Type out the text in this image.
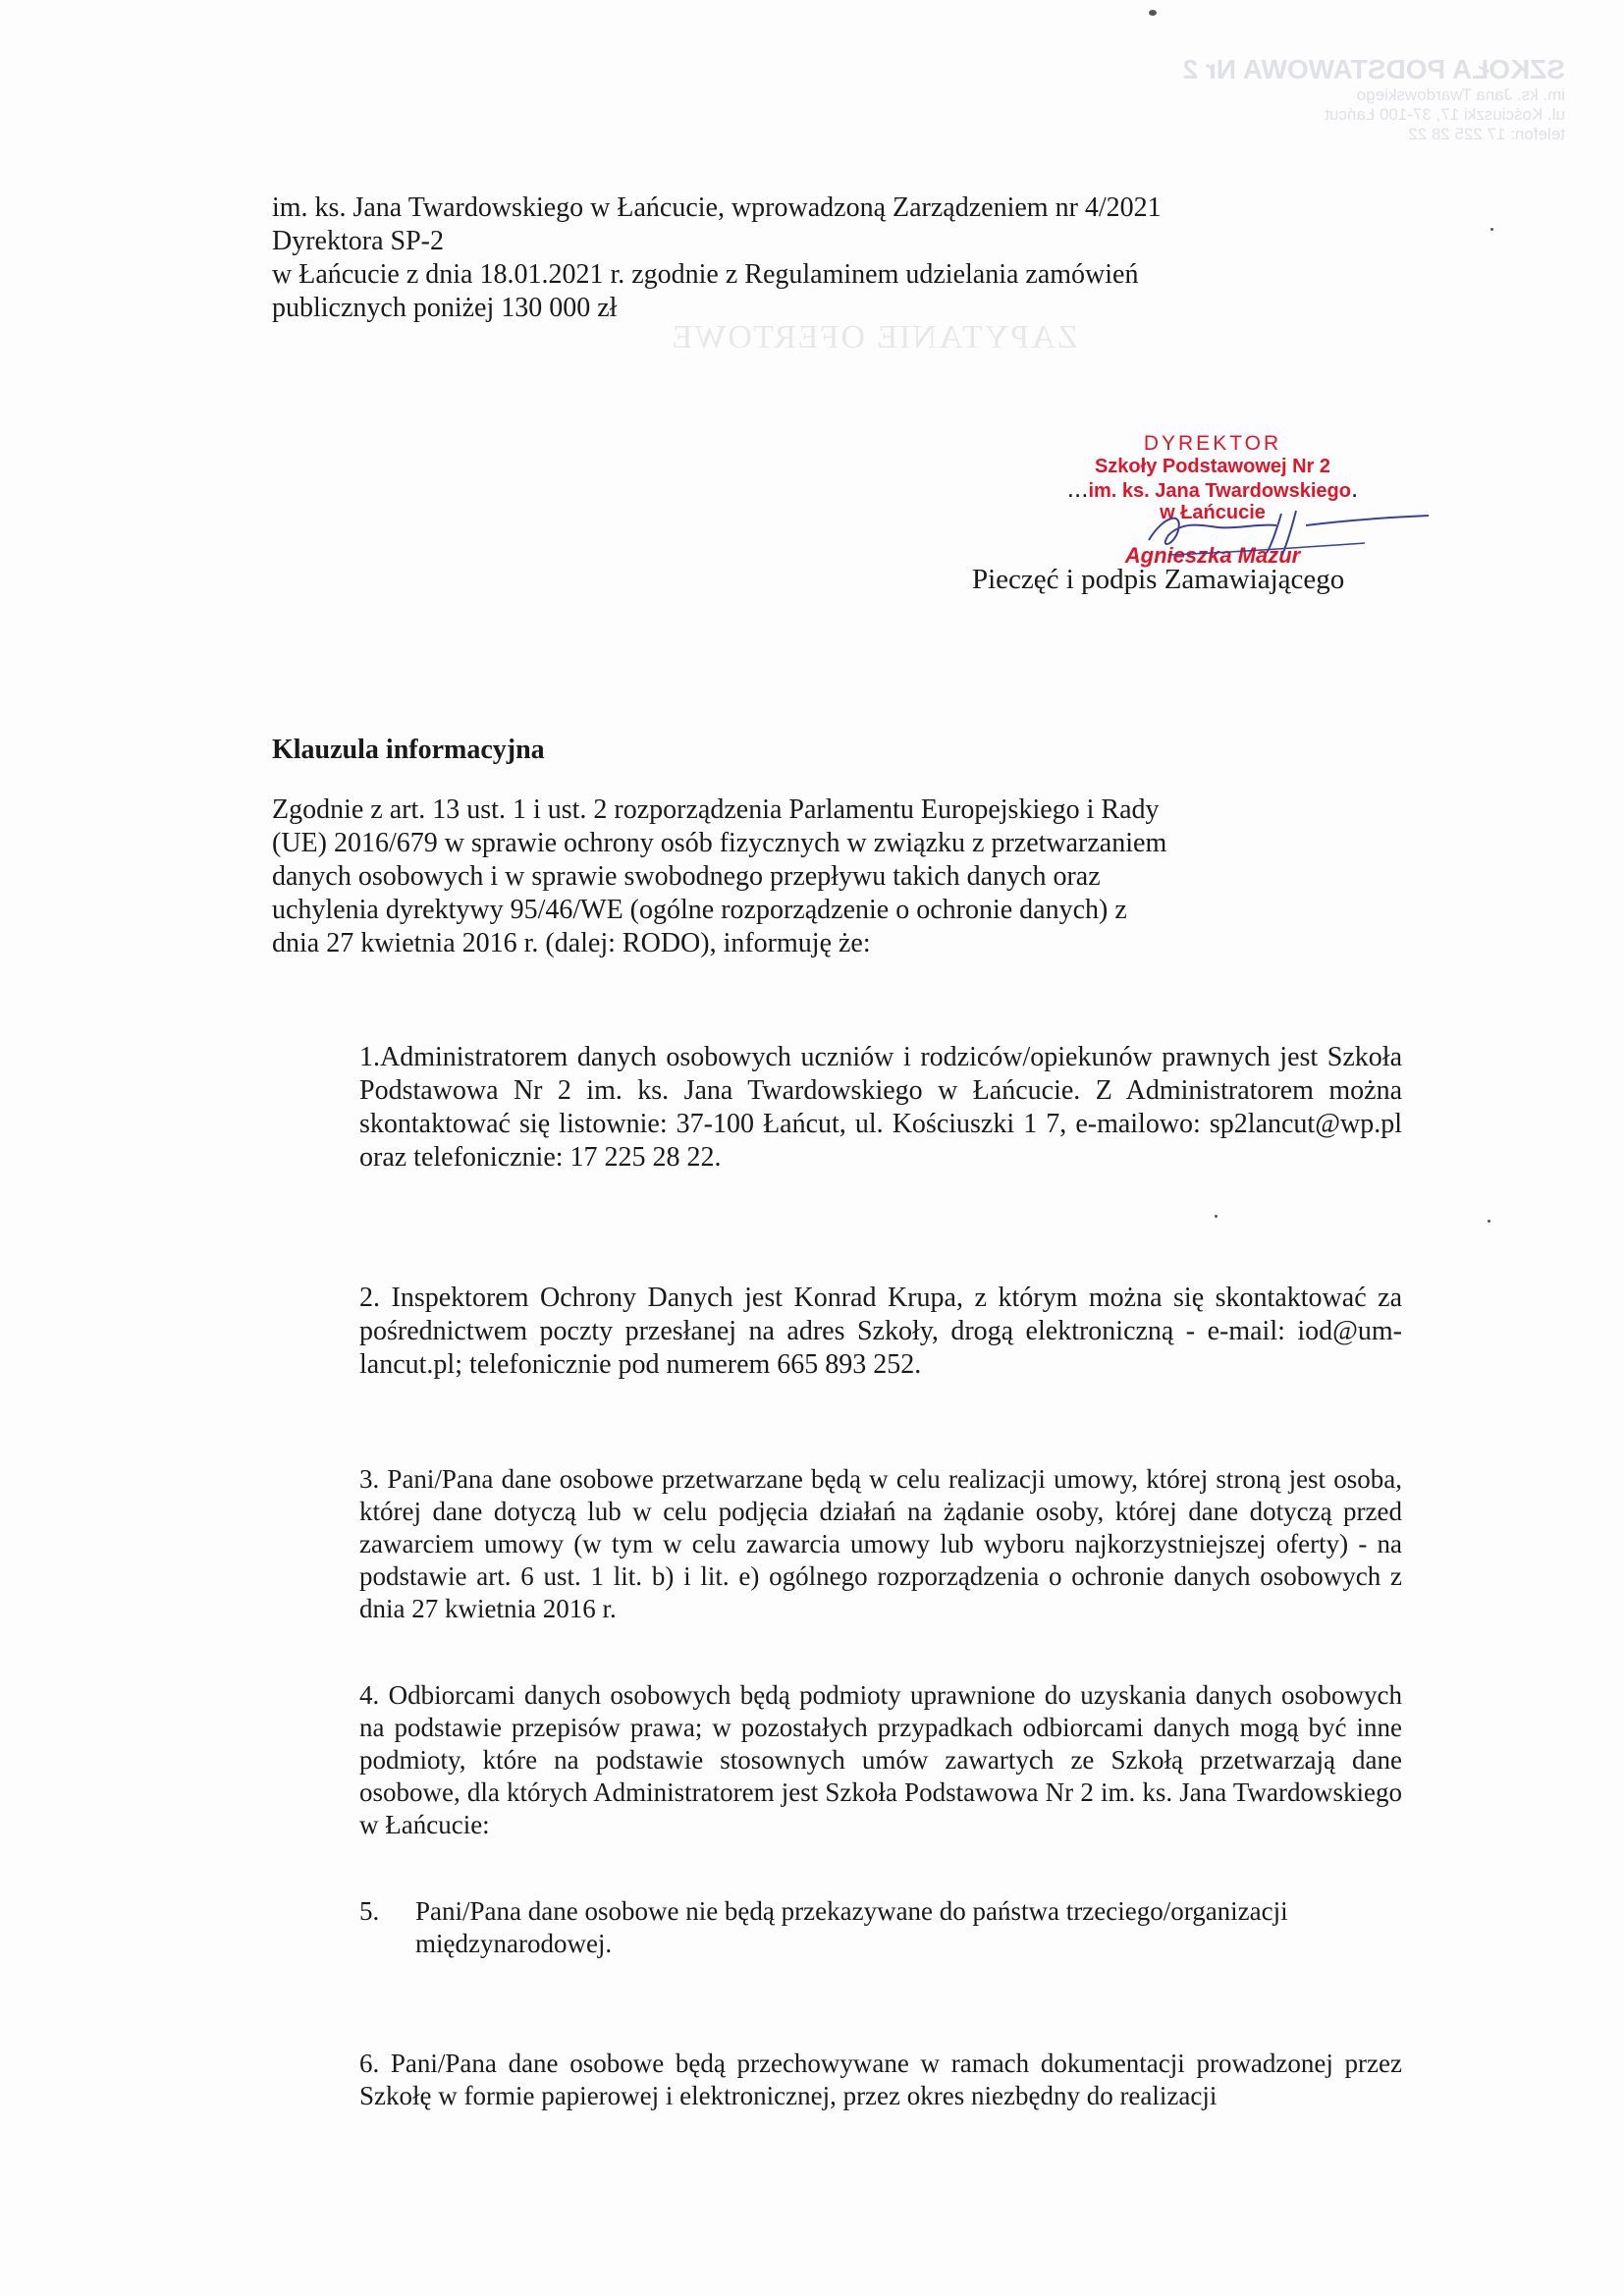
SZKOŁA PODSTAWOWA Nr 2
im. ks. Jana Twardowskiego
ul. Kościuszki 17, 37-100 Łańcut
telefon: 17 225 28 22
ZAPYTANIE OFERTOWE
im. ks. Jana Twardowskiego w Łańcucie, wprowadzoną Zarządzeniem nr 4/2021
Dyrektora SP-2
w Łańcucie z dnia 18.01.2021 r. zgodnie z Regulaminem udzielania zamówień
publicznych poniżej 130 000 zł
DYREKTOR
Szkoły Podstawowej Nr 2
...im. ks. Jana Twardowskiego.
w Łańcucie
Agnieszka Mazur
Pieczęć i podpis Zamawiającego
Klauzula informacyjna
Zgodnie z art. 13 ust. 1 i ust. 2 rozporządzenia Parlamentu Europejskiego i Rady
(UE) 2016/679 w sprawie ochrony osób fizycznych w związku z przetwarzaniem
danych osobowych i w sprawie swobodnego przepływu takich danych oraz
uchylenia dyrektywy 95/46/WE (ogólne rozporządzenie o ochronie danych) z
dnia 27 kwietnia 2016 r. (dalej: RODO), informuję że:
1.Administratorem danych osobowych uczniów i rodziców/opiekunów prawnych jest Szkoła Podstawowa Nr 2 im. ks. Jana Twardowskiego w Łańcucie. Z Administratorem można skontaktować się listownie: 37-100 Łańcut, ul. Kościuszki 1 7, e-mailowo: sp2lancut@wp.pl oraz telefonicznie: 17 225 28 22.
2. Inspektorem Ochrony Danych jest Konrad Krupa, z którym można się skontaktować za pośrednictwem poczty przesłanej na adres Szkoły, drogą elektroniczną - e-mail: iod@um-lancut.pl; telefonicznie pod numerem 665 893 252.
3. Pani/Pana dane osobowe przetwarzane będą w celu realizacji umowy, której stroną jest osoba, której dane dotyczą lub w celu podjęcia działań na żądanie osoby, której dane dotyczą przed zawarciem umowy (w tym w celu zawarcia umowy lub wyboru najkorzystniejszej oferty) - na podstawie art. 6 ust. 1 lit. b) i lit. e) ogólnego rozporządzenia o ochronie danych osobowych z dnia 27 kwietnia 2016 r.
4. Odbiorcami danych osobowych będą podmioty uprawnione do uzyskania danych osobowych na podstawie przepisów prawa; w pozostałych przypadkach odbiorcami danych mogą być inne podmioty, które na podstawie stosownych umów zawartych ze Szkołą przetwarzają dane osobowe, dla których Administratorem jest Szkoła Podstawowa Nr 2 im. ks. Jana Twardowskiego w Łańcucie:
5. Pani/Pana dane osobowe nie będą przekazywane do państwa trzeciego/organizacji międzynarodowej.
6. Pani/Pana dane osobowe będą przechowywane w ramach dokumentacji prowadzonej przez Szkołę w formie papierowej i elektronicznej, przez okres niezbędny do realizacji
